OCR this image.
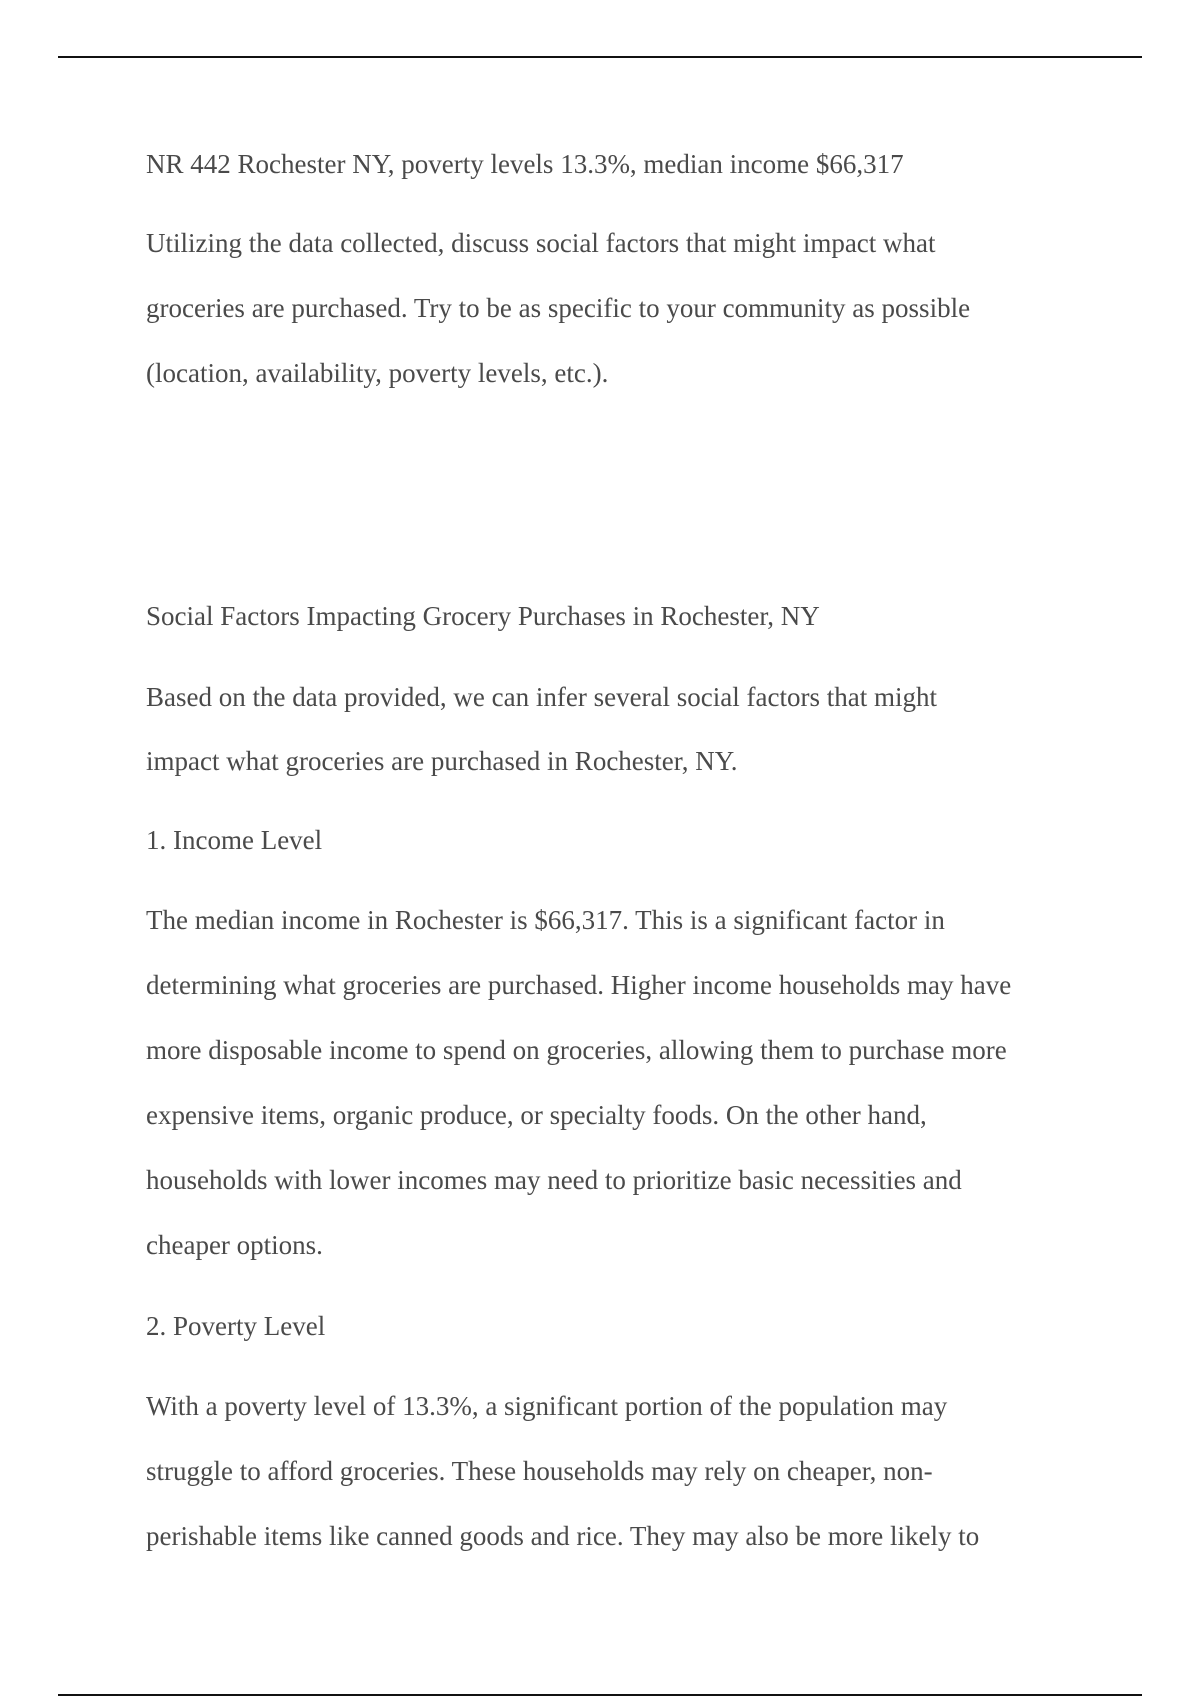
NR 442 Rochester NY, poverty levels 13.3%, median income $66,317
Utilizing the data collected, discuss social factors that might impact what
groceries are purchased. Try to be as specific to your community as possible
(location, availability, poverty levels, etc.).
Social Factors Impacting Grocery Purchases in Rochester, NY
Based on the data provided, we can infer several social factors that might
impact what groceries are purchased in Rochester, NY.
1. Income Level
The median income in Rochester is $66,317. This is a significant factor in
determining what groceries are purchased. Higher income households may have
more disposable income to spend on groceries, allowing them to purchase more
expensive items, organic produce, or specialty foods. On the other hand,
households with lower incomes may need to prioritize basic necessities and
cheaper options.
2. Poverty Level
With a poverty level of 13.3%, a significant portion of the population may
struggle to afford groceries. These households may rely on cheaper, non-
perishable items like canned goods and rice. They may also be more likely to
